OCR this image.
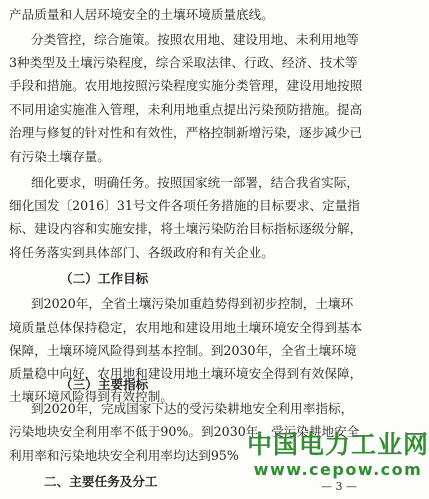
产品质量和人居环境安全的土壤环境质量底线。
分类管控，综合施策。按照农用地、建设用地、未利用地等
3种类型及土壤污染程度，综合采取法律、行政、经济、技术等
手段和措施。农用地按照污染程度实施分类管理，建设用地按照
不同用途实施准入管理，未利用地重点提出污染预防措施。提高
治理与修复的针对性和有效性，严格控制新增污染，逐步减少已
有污染土壤存量。
细化要求，明确任务。按照国家统一部署，结合我省实际，
细化国发〔2016〕31号文件各项任务措施的目标要求、定量指
标、建设内容和实施安排，将土壤污染防治目标指标逐级分解，
将任务落实到具体部门、各级政府和有关企业。
（二）工作目标
到2020年，全省土壤污染加重趋势得到初步控制，土壤环
境质量总体保持稳定，农用地和建设用地土壤环境安全得到基本
保障，土壤环境风险得到基本控制。到2030年，全省土壤环境
质量稳中向好，农用地和建设用地土壤环境安全得到有效保障，
土壤环境风险得到有效控制。
（三）主要指标
到2020年，完成国家下达的受污染耕地安全利用率指标，
污染地块安全利用率不低于90%。到2030年，受污染耕地安全
利用率和污染地块安全利用率均达到95%
二、主要任务及分工
中国电力工业网
www.cepow.com
— 3 —
